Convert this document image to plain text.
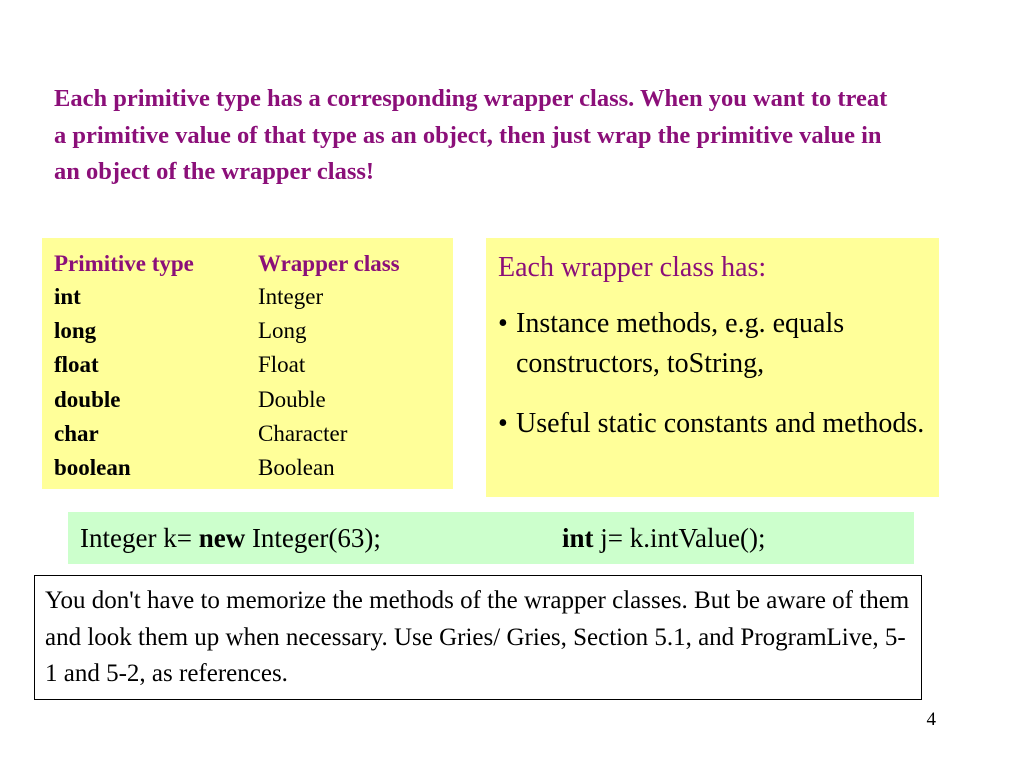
Each primitive type has a corresponding wrapper class. When you want to treat a primitive value of that type as an object, then just wrap the primitive value in an object of the wrapper class!
Primitive type	Wrapper class
int	Integer
long	Long
float	Float
double	Double
char	Character
boolean	Boolean
Each wrapper class has:
• Instance methods, e.g. equals constructors, toString,
• Useful static constants and methods.
Integer k= new Integer(63);	int j= k.intValue();
You don't have to memorize the methods of the wrapper classes. But be aware of them and look them up when necessary. Use Gries/ Gries, Section 5.1, and ProgramLive, 5-1 and 5-2, as references.
4
